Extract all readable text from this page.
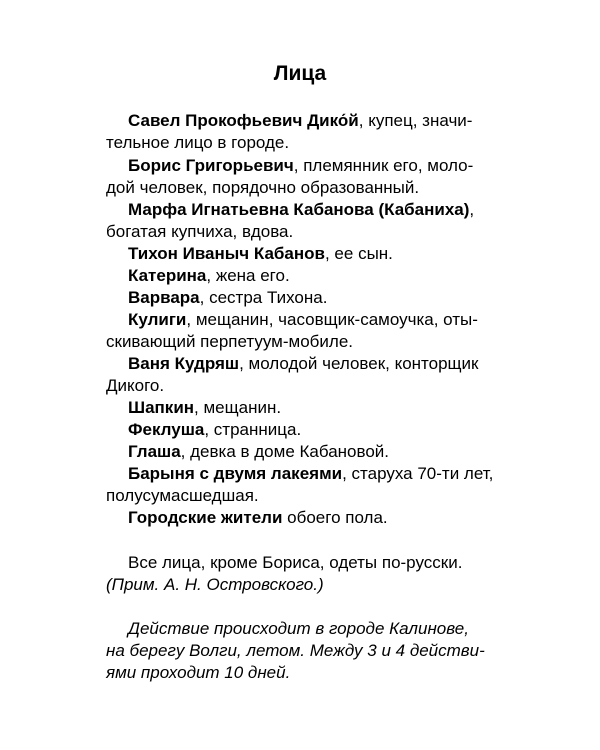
Лица
Савел Прокофьевич Дико́й, купец, значи-
тельное лицо в городе.
Борис Григорьевич, племянник его, моло-
дой человек, порядочно образованный.
Марфа Игнатьевна Кабанова (Кабаниха),
богатая купчиха, вдова.
Тихон Иваныч Кабанов, ее сын.
Катерина, жена его.
Варвара, сестра Тихона.
Кулиги, мещанин, часовщик-самоучка, оты-
скивающий перпетуум-мобиле.
Ваня Кудряш, молодой человек, конторщик
Дикого.
Шапкин, мещанин.
Феклуша, странница.
Глаша, девка в доме Кабановой.
Барыня с двумя лакеями, старуха 70-ти лет,
полусумасшедшая.
Городские жители обоего пола.
Все лица, кроме Бориса, одеты по-русски.
(Прим. А. Н. Островского.)
Действие происходит в городе Калинове,
на берегу Волги, летом. Между 3 и 4 действи-
ями проходит 10 дней.
